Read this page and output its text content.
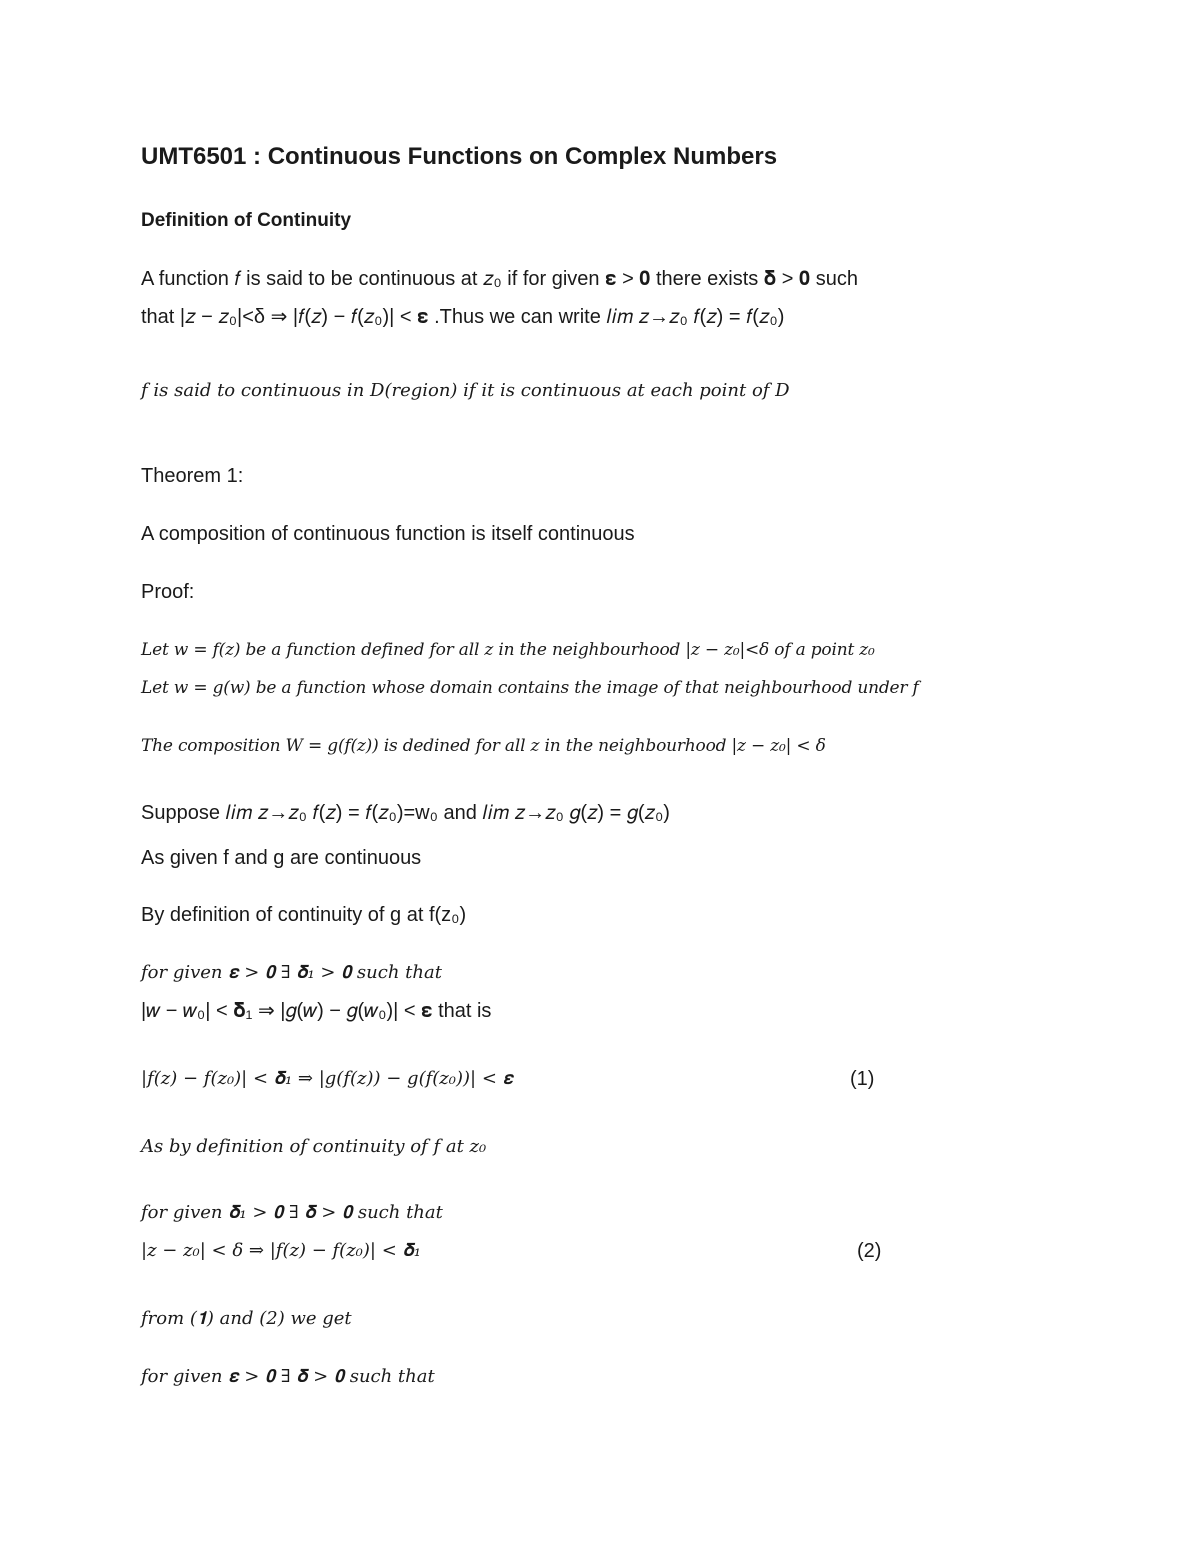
UMT6501 : Continuous Functions on Complex Numbers
Definition of Continuity
A function 𝑓 is said to be continuous at 𝑧₀ if for given 𝛆 > 𝟎 there exists 𝛅 > 𝟎 such
that |𝑧 − 𝑧₀|<δ ⇒ |𝑓(𝑧) − 𝑓(𝑧₀)| < 𝛆 .Thus we can write 𝑙𝑖𝑚 𝑧→𝑧₀ 𝑓(𝑧) = 𝑓(𝑧₀)
𝑓 𝑖𝑠 𝑠𝑎𝑖𝑑 𝑡𝑜 𝑐𝑜𝑛𝑡𝑖𝑛𝑢𝑜𝑢𝑠 𝑖𝑛 𝐷(𝑟𝑒𝑔𝑖𝑜𝑛) 𝑖𝑓 𝑖𝑡 𝑖𝑠 𝑐𝑜𝑛𝑡𝑖𝑛𝑢𝑜𝑢𝑠 𝑎𝑡 𝑒𝑎𝑐ℎ 𝑝𝑜𝑖𝑛𝑡 𝑜𝑓 𝐷
Theorem 1:
A composition of continuous function is itself continuous
Proof:
𝐿𝑒𝑡 𝑤 = 𝑓(𝑧) 𝑏𝑒 𝑎 𝑓𝑢𝑛𝑐𝑡𝑖𝑜𝑛 𝑑𝑒𝑓𝑖𝑛𝑒𝑑 𝑓𝑜𝑟 𝑎𝑙𝑙 𝑧 𝑖𝑛 𝑡ℎ𝑒 𝑛𝑒𝑖𝑔ℎ𝑏𝑜𝑢𝑟ℎ𝑜𝑜𝑑 |𝑧 − 𝑧₀|<δ 𝑜𝑓 𝑎 𝑝𝑜𝑖𝑛𝑡 𝑧₀
𝐿𝑒𝑡 𝑤 = 𝑔(𝑤) 𝑏𝑒 𝑎 𝑓𝑢𝑛𝑐𝑡𝑖𝑜𝑛 𝑤ℎ𝑜𝑠𝑒 𝑑𝑜𝑚𝑎𝑖𝑛 𝑐𝑜𝑛𝑡𝑎𝑖𝑛𝑠 𝑡ℎ𝑒 𝑖𝑚𝑎𝑔𝑒 𝑜𝑓 𝑡ℎ𝑎𝑡 𝑛𝑒𝑖𝑔ℎ𝑏𝑜𝑢𝑟ℎ𝑜𝑜𝑑 𝑢𝑛𝑑𝑒𝑟 𝑓
𝑇ℎ𝑒 𝑐𝑜𝑚𝑝𝑜𝑠𝑖𝑡𝑖𝑜𝑛 𝑊 = 𝑔(𝑓(𝑧)) 𝑖𝑠 𝑑𝑒𝑑𝑖𝑛𝑒𝑑 𝑓𝑜𝑟 𝑎𝑙𝑙 𝑧 𝑖𝑛 𝑡ℎ𝑒 𝑛𝑒𝑖𝑔ℎ𝑏𝑜𝑢𝑟ℎ𝑜𝑜𝑑 |𝑧 − 𝑧₀| < δ
Suppose 𝑙𝑖𝑚 𝑧→𝑧₀ 𝑓(𝑧) = 𝑓(𝑧₀)=w₀ and 𝑙𝑖𝑚 𝑧→𝑧₀ 𝑔(𝑧) = 𝑔(𝑧₀)
As given f and g are continuous
By definition of continuity of g at f(z₀)
𝑓𝑜𝑟 𝑔𝑖𝑣𝑒𝑛 𝛆 > 𝟎 ∃ 𝛅₁ > 𝟎 𝑠𝑢𝑐ℎ 𝑡ℎ𝑎𝑡
|𝑤 − 𝑤₀| < 𝛅₁ ⇒ |𝑔(𝑤) − 𝑔(𝑤₀)| < 𝛆 that is
|𝑓(𝑧) − 𝑓(𝑧₀)| < 𝛅₁ ⇒ |𝑔(𝑓(𝑧)) − 𝑔(𝑓(𝑧₀))| < 𝛆	(1)
𝐴𝑠 𝑏𝑦 𝑑𝑒𝑓𝑖𝑛𝑖𝑡𝑖𝑜𝑛 𝑜𝑓 𝑐𝑜𝑛𝑡𝑖𝑛𝑢𝑖𝑡𝑦 𝑜𝑓 𝑓 𝑎𝑡 𝑧₀
𝑓𝑜𝑟 𝑔𝑖𝑣𝑒𝑛 𝛅₁ > 𝟎 ∃ 𝛅 > 𝟎 𝑠𝑢𝑐ℎ 𝑡ℎ𝑎𝑡
|𝑧 − 𝑧₀| < δ ⇒ |𝑓(𝑧) − 𝑓(𝑧₀)| < 𝛅₁	(2)
𝑓𝑟𝑜𝑚 (𝟏) 𝑎𝑛𝑑 (2) 𝑤𝑒 𝑔𝑒𝑡
𝑓𝑜𝑟 𝑔𝑖𝑣𝑒𝑛 𝛆 > 𝟎 ∃ 𝛅 > 𝟎 𝑠𝑢𝑐ℎ 𝑡ℎ𝑎𝑡
